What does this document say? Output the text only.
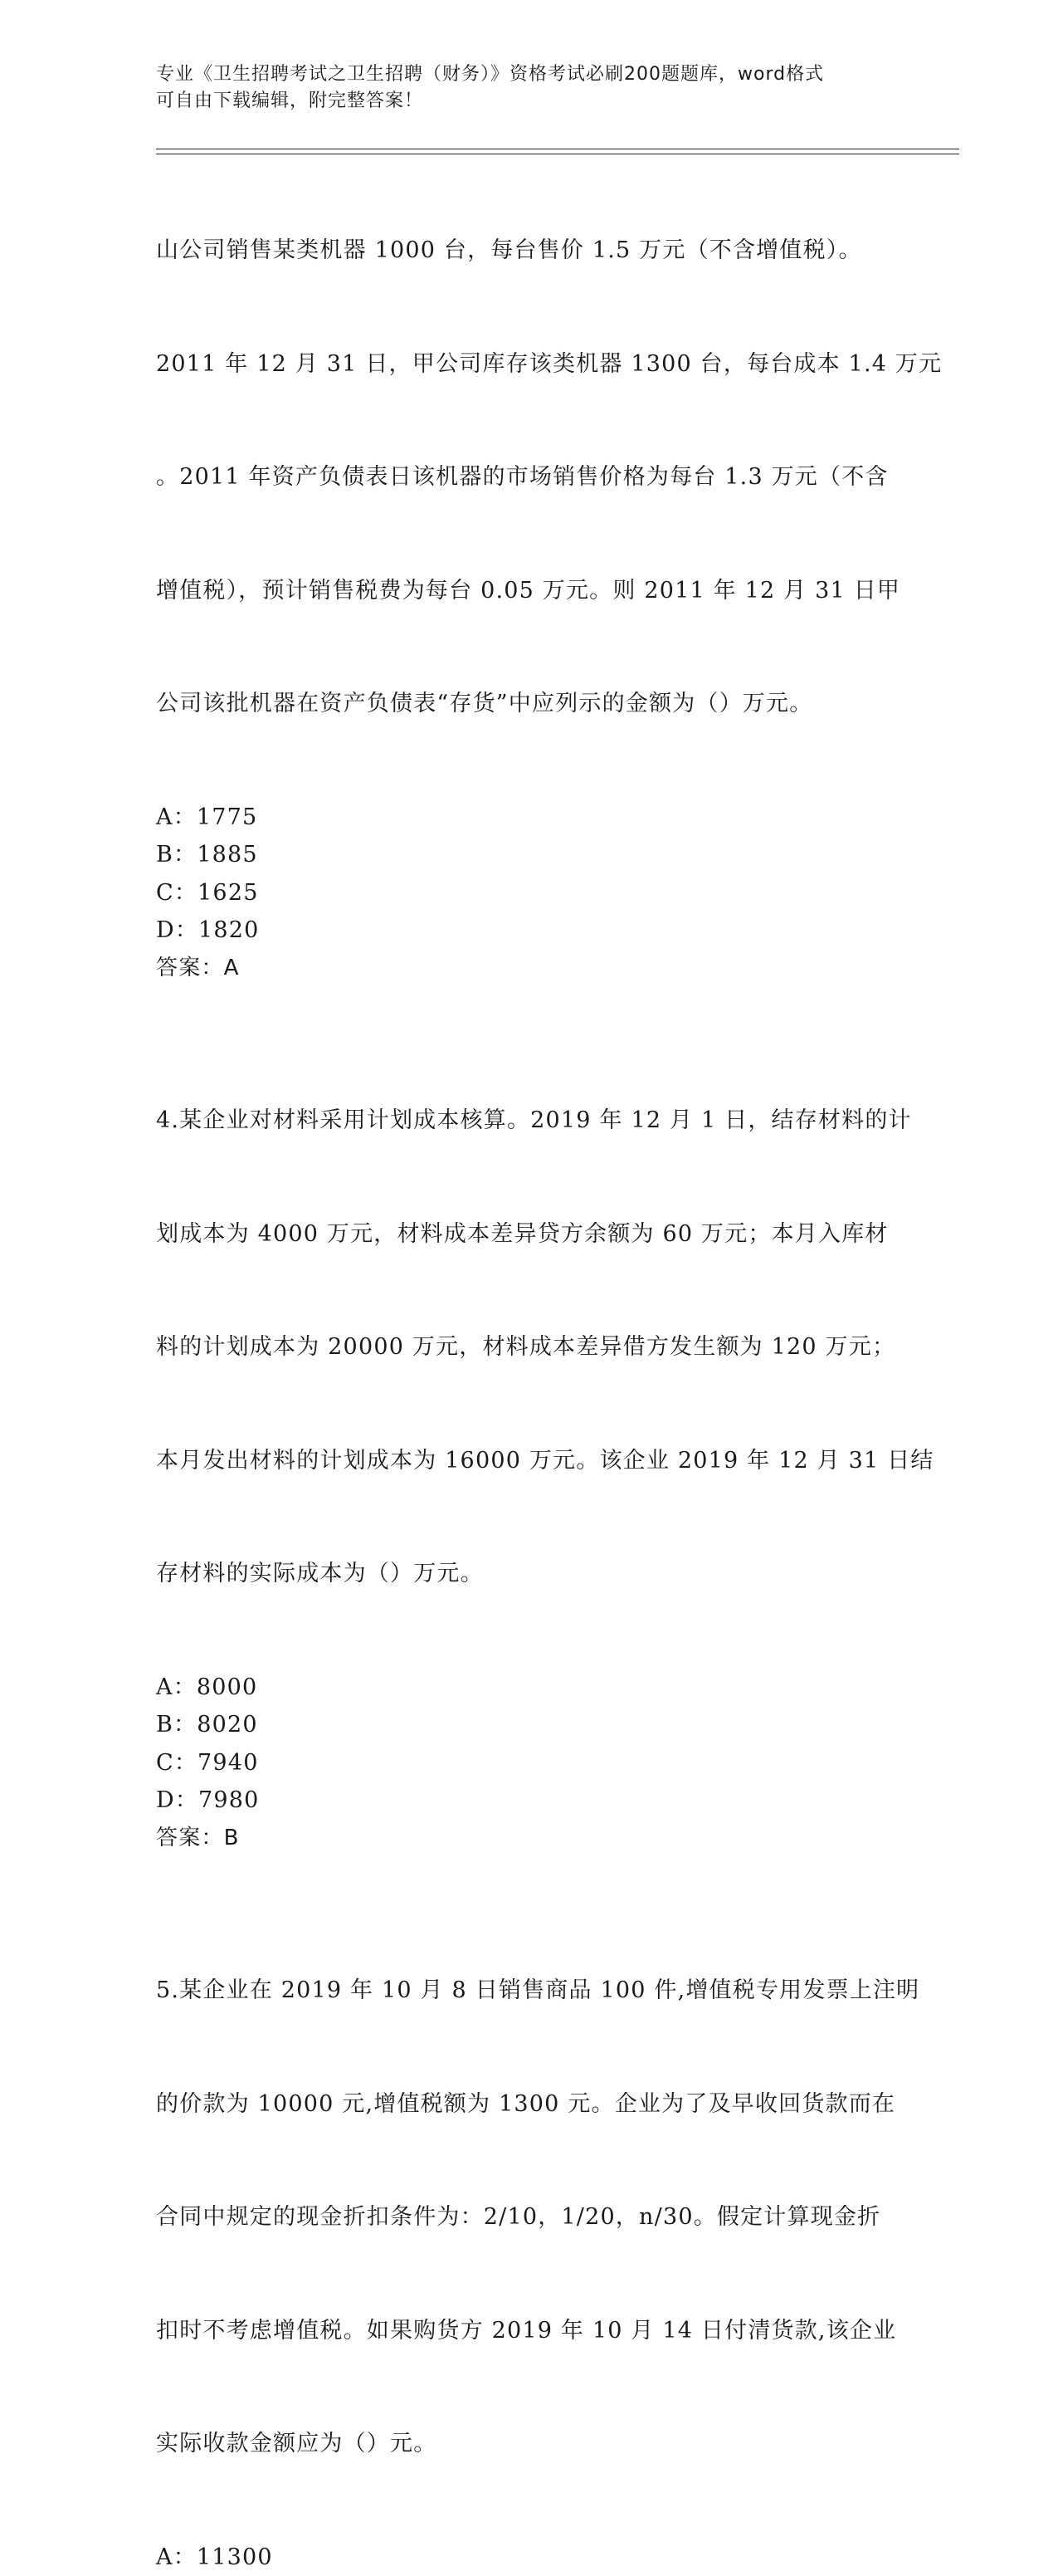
专业《卫生招聘考试之卫生招聘（财务）》资格考试必刷200题题库，word格式
可自由下载编辑，附完整答案！

山公司销售某类机器 1000 台，每台售价 1.5 万元（不含增值税）。

2011 年 12 月 31 日，甲公司库存该类机器 1300 台，每台成本 1.4 万元

。2011 年资产负债表日该机器的市场销售价格为每台 1.3 万元（不含

增值税），预计销售税费为每台 0.05 万元。则 2011 年 12 月 31 日甲

公司该批机器在资产负债表“存货”中应列示的金额为（）万元。

A：1775
B：1885
C：1625
D：1820
答案：A

4.某企业对材料采用计划成本核算。2019 年 12 月 1 日，结存材料的计

划成本为 4000 万元，材料成本差异贷方余额为 60 万元；本月入库材

料的计划成本为 20000 万元，材料成本差异借方发生额为 120 万元；

本月发出材料的计划成本为 16000 万元。该企业 2019 年 12 月 31 日结

存材料的实际成本为（）万元。

A：8000
B：8020
C：7940
D：7980
答案：B

5.某企业在 2019 年 10 月 8 日销售商品 100 件,增值税专用发票上注明

的价款为 10000 元,增值税额为 1300 元。企业为了及早收回货款而在

合同中规定的现金折扣条件为：2/10，1/20，n/30。假定计算现金折

扣时不考虑增值税。如果购货方 2019 年 10 月 14 日付清货款,该企业

实际收款金额应为（）元。

A：11300
